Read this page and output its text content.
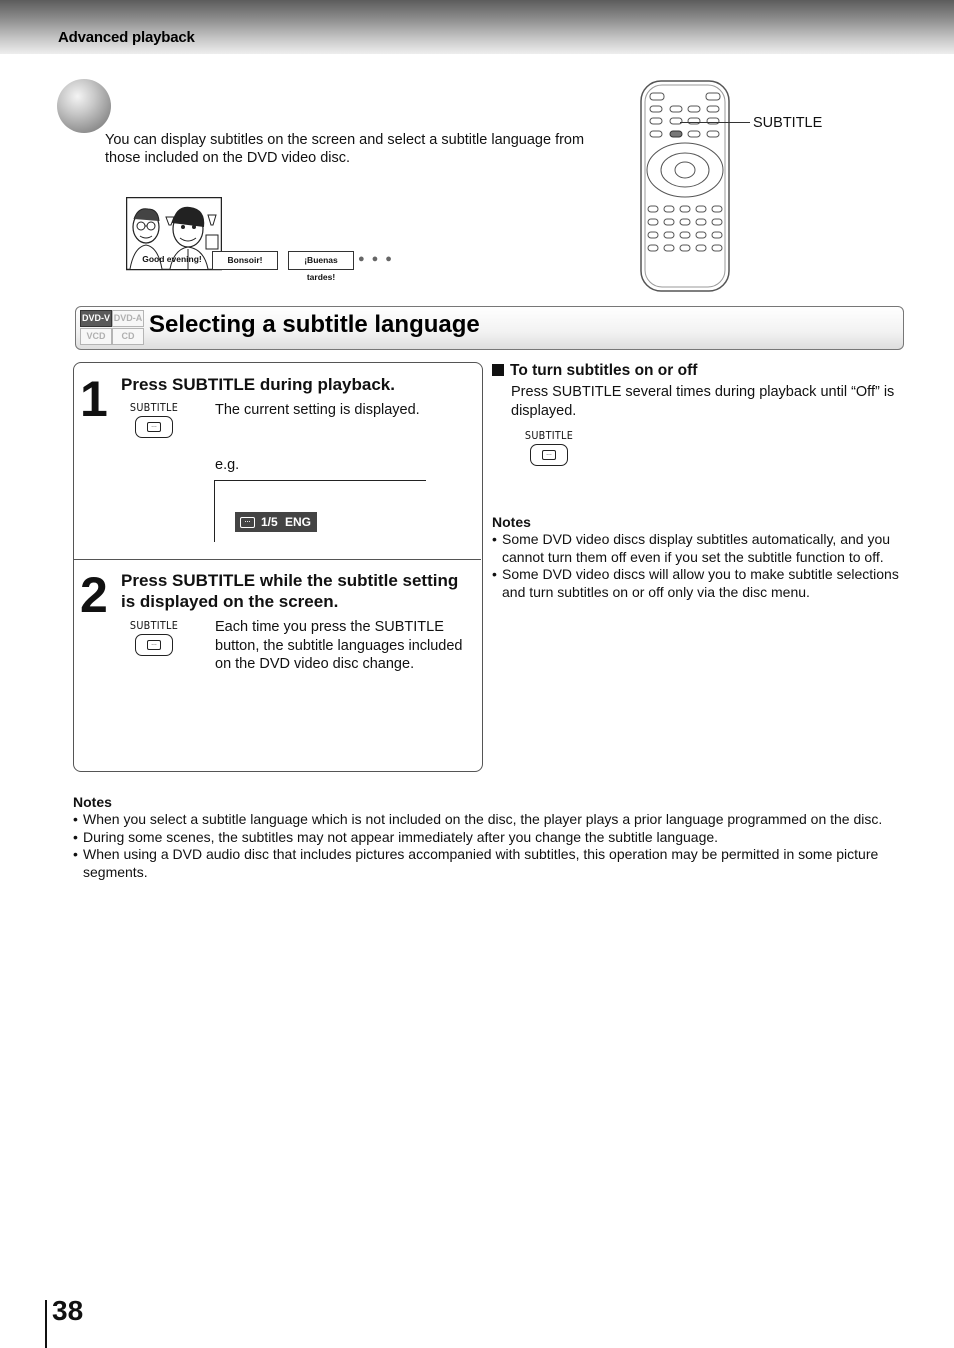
Advanced playback
You can display subtitles on the screen and select a subtitle language from those included on the DVD video disc.
Good evening!	Bonsoir!	¡Buenas tardes!
●●●
SUBTITLE
DVD-V DVD-A
VCD	CD Selecting a subtitle language
1 Press SUBTITLE during playback.
SUBTITLE
…
The current setting is displayed.
e.g.
… 1/5 ENG
2 Press SUBTITLE while the subtitle setting is displayed on the screen.
SUBTITLE
…
Each time you press the SUBTITLE button, the subtitle languages included on the DVD video disc change.
To turn subtitles on or off
Press SUBTITLE several times during playback until “Off” is displayed.
SUBTITLE
…
Notes
• Some DVD video discs display subtitles automatically, and you cannot turn them off even if you set the subtitle function to off.
• Some DVD video discs will allow you to make subtitle selections and turn subtitles on or off only via the disc menu.
Notes
• When you select a subtitle language which is not included on the disc, the player plays a prior language programmed on the disc.
• During some scenes, the subtitles may not appear immediately after you change the subtitle language.
• When using a DVD audio disc that includes pictures accompanied with subtitles, this operation may be permitted in some picture segments.
38
